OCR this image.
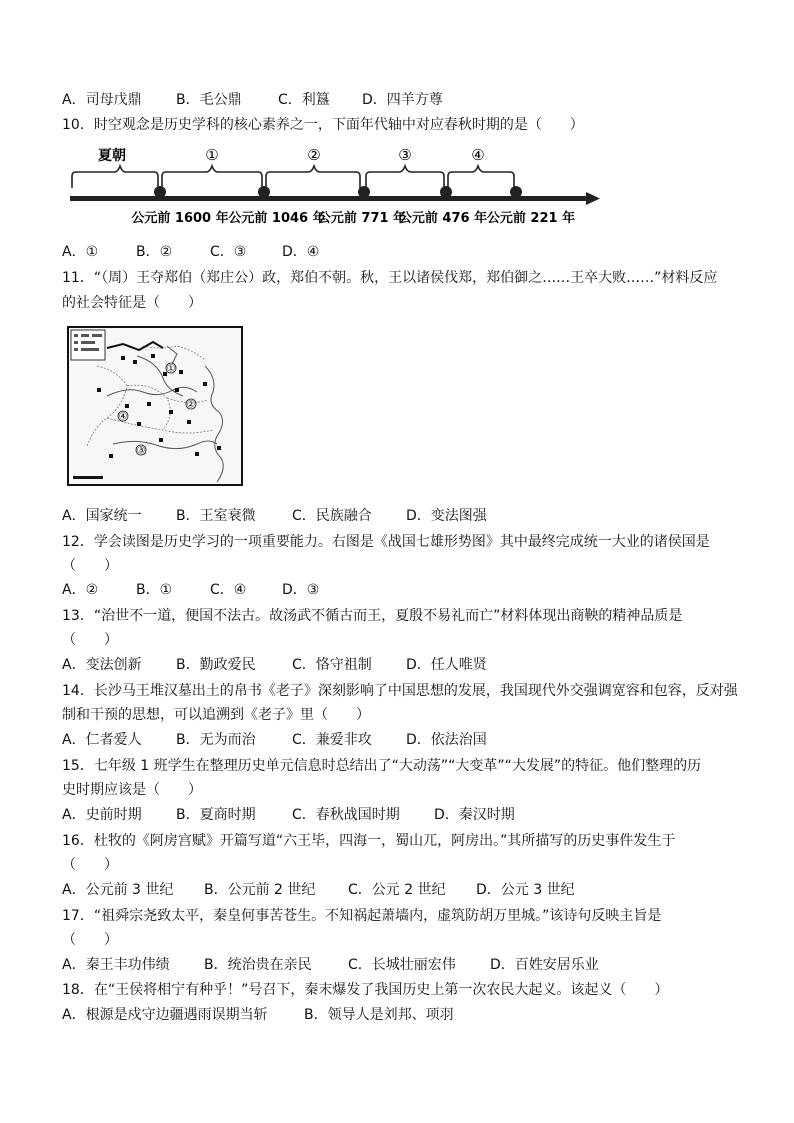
A．司母戊鼎 B．毛公鼎	C．利簋 D．四羊方尊
10．时空观念是历史学科的核心素养之一，下面年代轴中对应春秋时期的是（　　）
夏朝	①	②	③	④
公元前 1600 年 公元前 1046 年
公元前 771 年
公元前 476 年 公元前 221 年
A．①	B．②	C．③	D．④
11．“（周）王夺郑伯（郑庄公）政，郑伯不朝。秋，王以诸侯伐郑，郑伯御之……王卒大败……”材料反应
的社会特征是（　　）
①
②
③
④
A．国家统一 B．王室衰微	C．民族融合 D．变法图强
12．学会读图是历史学习的一项重要能力。右图是《战国七雄形势图》其中最终完成统一大业的诸侯国是
（　　）
A．②	B．①	C．④	D．③
13．“治世不一道，便国不法古。故汤武不循古而王，夏殷不易礼而亡”材料体现出商鞅的精神品质是
（　　）
A．变法创新 B．勤政爱民	C．恪守祖制 D．任人唯贤
14．长沙马王堆汉墓出土的帛书《老子》深刻影响了中国思想的发展，我国现代外交强调宽容和包容，反对强
制和干预的思想，可以追溯到《老子》里（　　）
A．仁者爱人 B．无为而治	C．兼爱非攻 D．依法治国
15．七年级 1 班学生在整理历史单元信息时总结出了“大动荡”“大变革”“大发展”的特征。他们整理的历
史时期应该是（　　）
A．史前时期 B．夏商时期	C．春秋战国时期 D．秦汉时期
16．杜牧的《阿房宫赋》开篇写道“六王毕，四海一，蜀山兀，阿房出。”其所描写的历史事件发生于
（　　）
A．公元前 3 世纪 B．公元前 2 世纪 C．公元 2 世纪 D．公元 3 世纪
17．“祖舜宗尧致太平，秦皇何事苦苍生。不知祸起萧墙内，虚筑防胡万里城。”该诗句反映主旨是
（　　）
A．秦王丰功伟绩 B．统治贵在亲民	C．长城壮丽宏伟 D．百姓安居乐业
18．在“王侯将相宁有种乎！”号召下，秦末爆发了我国历史上第一次农民大起义。该起义（　　）
A．根源是戍守边疆遇雨误期当斩	B．领导人是刘邦、项羽
